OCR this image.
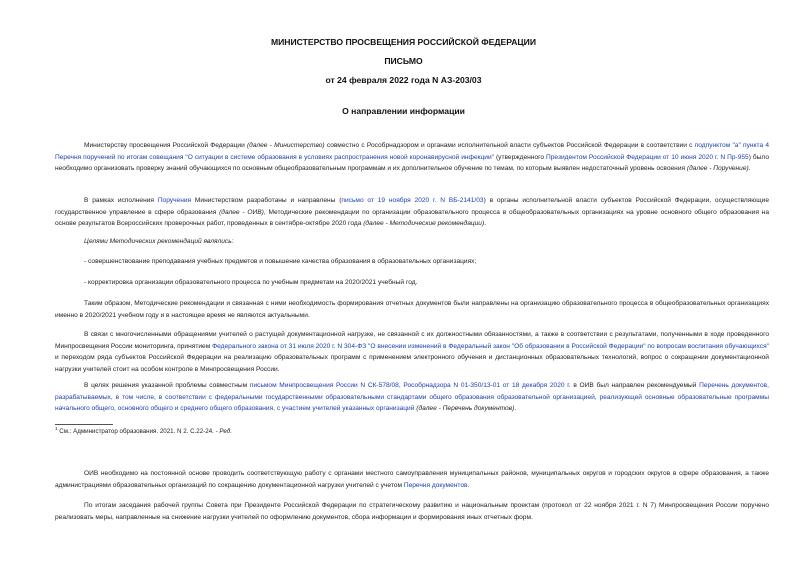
МИНИСТЕРСТВО ПРОСВЕЩЕНИЯ РОССИЙСКОЙ ФЕДЕРАЦИИ
ПИСЬМО
от 24 февраля 2022 года N АЗ-203/03
О направлении информации

Министерству просвещения Российской Федерации (далее - Министерство) совместно с Рособрнадзором и органами исполнительной власти субъектов Российской Федерации в соответствии с подпунктом "а" пункта 4 Перечня поручений по итогам совещания "О ситуации в системе образования в условиях распространения новой коронавирусной инфекции" (утвержденного Президентом Российской Федерации от 10 июня 2020 г. N Пр-955) было необходимо организовать проверку знаний обучающихся по основным общеобразовательным программам и их дополнительное обучение по темам, по которым выявлен недостаточный уровень освоения (далее - Поручение).

В рамках исполнения Поручения Министерством разработаны и направлены (письмо от 19 ноября 2020 г. N ВБ-2141/03) в органы исполнительной власти субъектов Российской Федерации, осуществляющие государственное управление в сфере образования (далее - ОИВ), Методические рекомендации по организации образовательного процесса в общеобразовательных организациях на уровне основного общего образования на основе результатов Всероссийских проверочных работ, проведенных в сентябре-октябре 2020 года (далее - Методические рекомендации).

Целями Методических рекомендаций являлись:

- совершенствование преподавания учебных предметов и повышение качества образования в образовательных организациях;

- корректировка организации образовательного процесса по учебным предметам на 2020/2021 учебный год.

Таким образом, Методические рекомендации и связанная с ними необходимость формирования отчетных документов были направлены на организацию образовательного процесса в общеобразовательных организациях именно в 2020/2021 учебном году и в настоящее время не являются актуальными.

В связи с многочисленными обращениями учителей о растущей документационной нагрузке, не связанной с их должностными обязанностями, а также в соответствии с результатами, полученными в ходе проведенного Минпросвещения России мониторинга, принятием Федерального закона от 31 июля 2020 г. N 304-ФЗ "О внесении изменений в Федеральный закон "Об образовании в Российской Федерации" по вопросам воспитания обучающихся" и переходом ряда субъектов Российской Федерации на реализацию образовательных программ с применением электронного обучения и дистанционных образовательных технологий, вопрос о сокращении документационной нагрузки учителей стоит на особом контроле в Минпросвещения России.

В целях решения указанной проблемы совместным письмом Минпросвещения России N СК-578/08, Рособрнадзора N 01-350/13-01 от 18 декабря 2020 г. в ОИВ был направлен рекомендуемый Перечень документов, разрабатываемых, в том числе, в соответствии с федеральными государственными образовательными стандартами общего образования образовательной организацией, реализующей основные образовательные программы начального общего, основного общего и среднего общего образования, с участием учителей указанных организаций (далее - Перечень документов).

$^1$ См.: Администратор образования. 2021. N 2. С.22-24. - Ред.

ОИВ необходимо на постоянной основе проводить соответствующую работу с органами местного самоуправления муниципальных районов, муниципальных округов и городских округов в сфере образования, а также администрациями образовательных организаций по сокращению документационной нагрузки учителей с учетом Перечня документов.

По итогам заседания рабочей группы Совета при Президенте Российской Федерации по стратегическому развитию и национальным проектам (протокол от 22 ноября 2021 г. N 7) Минпросвещения России поручено реализовать меры, направленные на снижение нагрузки учителей по оформлению документов, сбора информации и формирования иных отчетных форм.
